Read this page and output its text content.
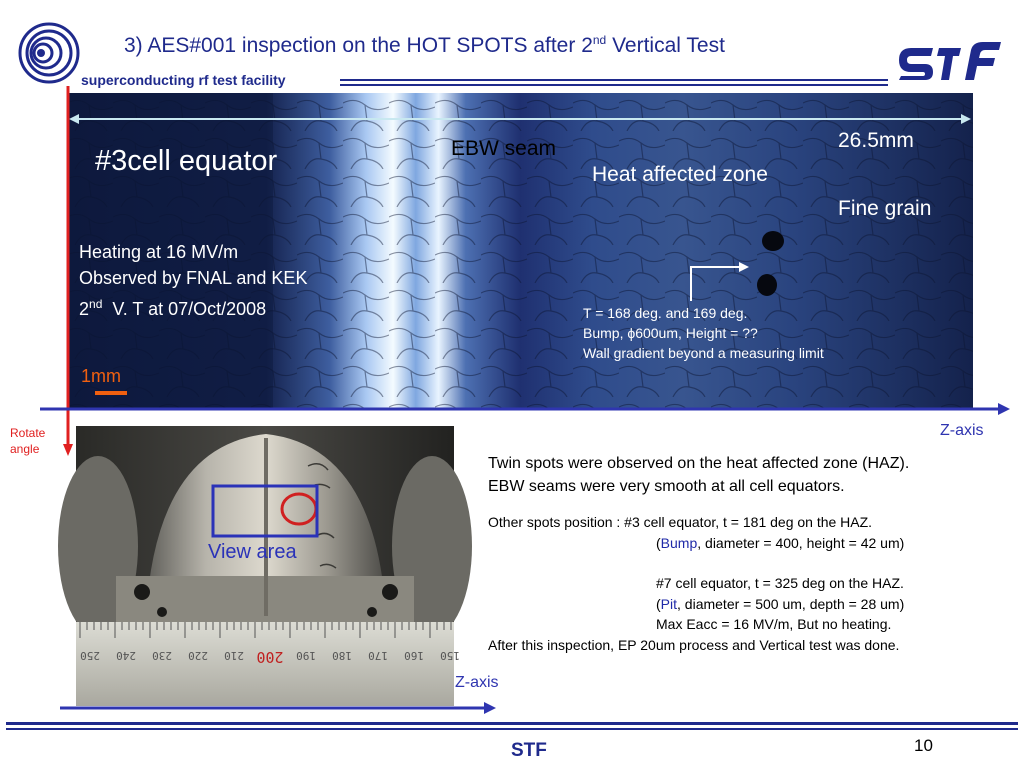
3) AES#001 inspection on the HOT SPOTS after 2nd Vertical Test
superconducting rf test facility
26.5mm
#3cell equator	EBW seam
Heat affected zone
Fine grain
Heating at 16 MV/m
Observed by FNAL and KEK
2nd  V. T at 07/Oct/2008
1mm
T = 168 deg. and 169 deg.
Bump, ϕ600um, Height = ??
Wall gradient beyond a measuring limit
Rotate
angle
Z-axis
Z-axis
250 240 230 220 210 200 190 180 170 160 150
View area
Twin spots were observed on the heat affected zone (HAZ).
EBW seams were very smooth at all cell equators.
Other spots position : #3 cell equator, t = 181 deg on the HAZ.
(Bump, diameter = 400, height = 42 um)
#7 cell equator, t = 325 deg on the HAZ.
(Pit, diameter = 500 um, depth = 28 um)
Max Eacc = 16 MV/m, But no heating.
After this inspection, EP 20um process and Vertical test was done.
STF	10
